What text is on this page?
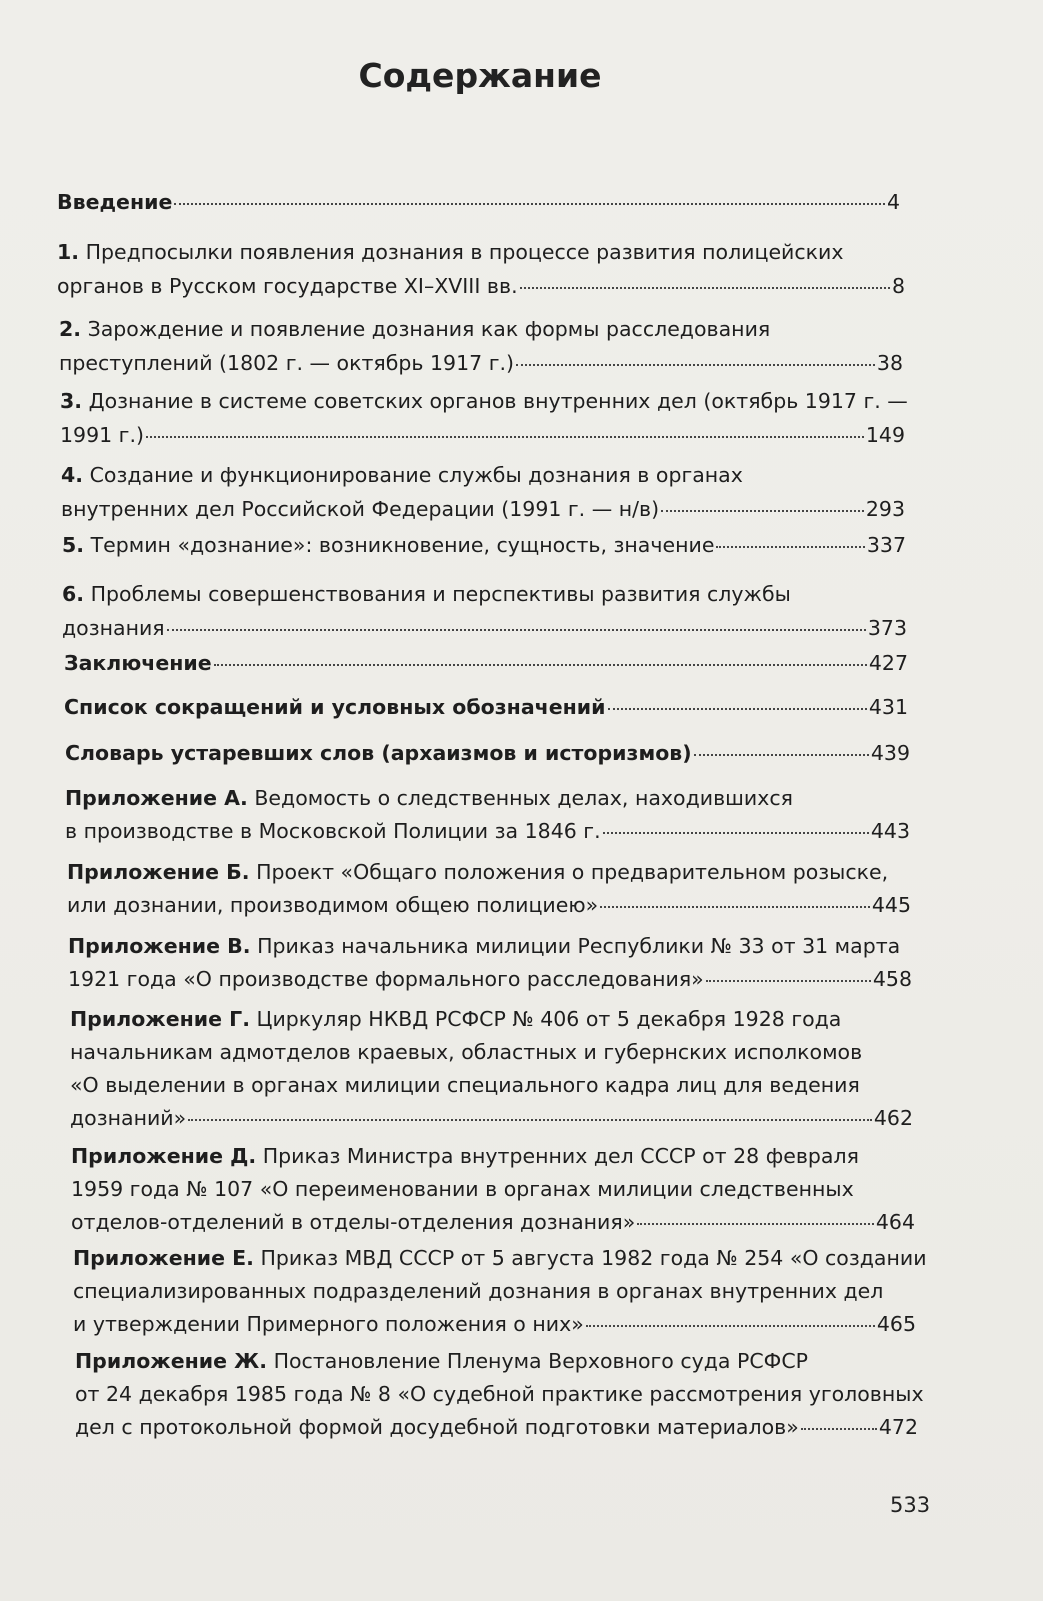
Содержание
Введение	4
1. Предпосылки появления дознания в процессе развития полицейских
органов в Русском государстве XI–XVIII вв.	8
2. Зарождение и появление дознания как формы расследования
преступлений (1802 г. — октябрь 1917 г.)	38
3. Дознание в системе советских органов внутренних дел (октябрь 1917 г. —
1991 г.)	149
4. Создание и функционирование службы дознания в органах
внутренних дел Российской Федерации (1991 г. — н/в)	293
5. Термин «дознание»: возникновение, сущность, значение	337
6. Проблемы совершенствования и перспективы развития службы
дознания	373
Заключение	427
Список сокращений и условных обозначений	431
Словарь устаревших слов (архаизмов и историзмов)	439
Приложение А. Ведомость о следственных делах, находившихся
в производстве в Московской Полиции за 1846 г.	443
Приложение Б. Проект «Общаго положения о предварительном розыске,
или дознании, производимом общею полициею»	445
Приложение В. Приказ начальника милиции Республики № 33 от 31 марта
1921 года «О производстве формального расследования»	458
Приложение Г. Циркуляр НКВД РСФСР № 406 от 5 декабря 1928 года
начальникам адмотделов краевых, областных и губернских исполкомов
«О выделении в органах милиции специального кадра лиц для ведения
дознаний»	462
Приложение Д. Приказ Министра внутренних дел СССР от 28 февраля
1959 года № 107 «О переименовании в органах милиции следственных
отделов-отделений в отделы-отделения дознания»	464
Приложение Е. Приказ МВД СССР от 5 августа 1982 года № 254 «О создании
специализированных подразделений дознания в органах внутренних дел
и утверждении Примерного положения о них»	465
Приложение Ж. Постановление Пленума Верховного суда РСФСР
от 24 декабря 1985 года № 8 «О судебной практике рассмотрения уголовных
дел с протокольной формой досудебной подготовки материалов»	472
533
